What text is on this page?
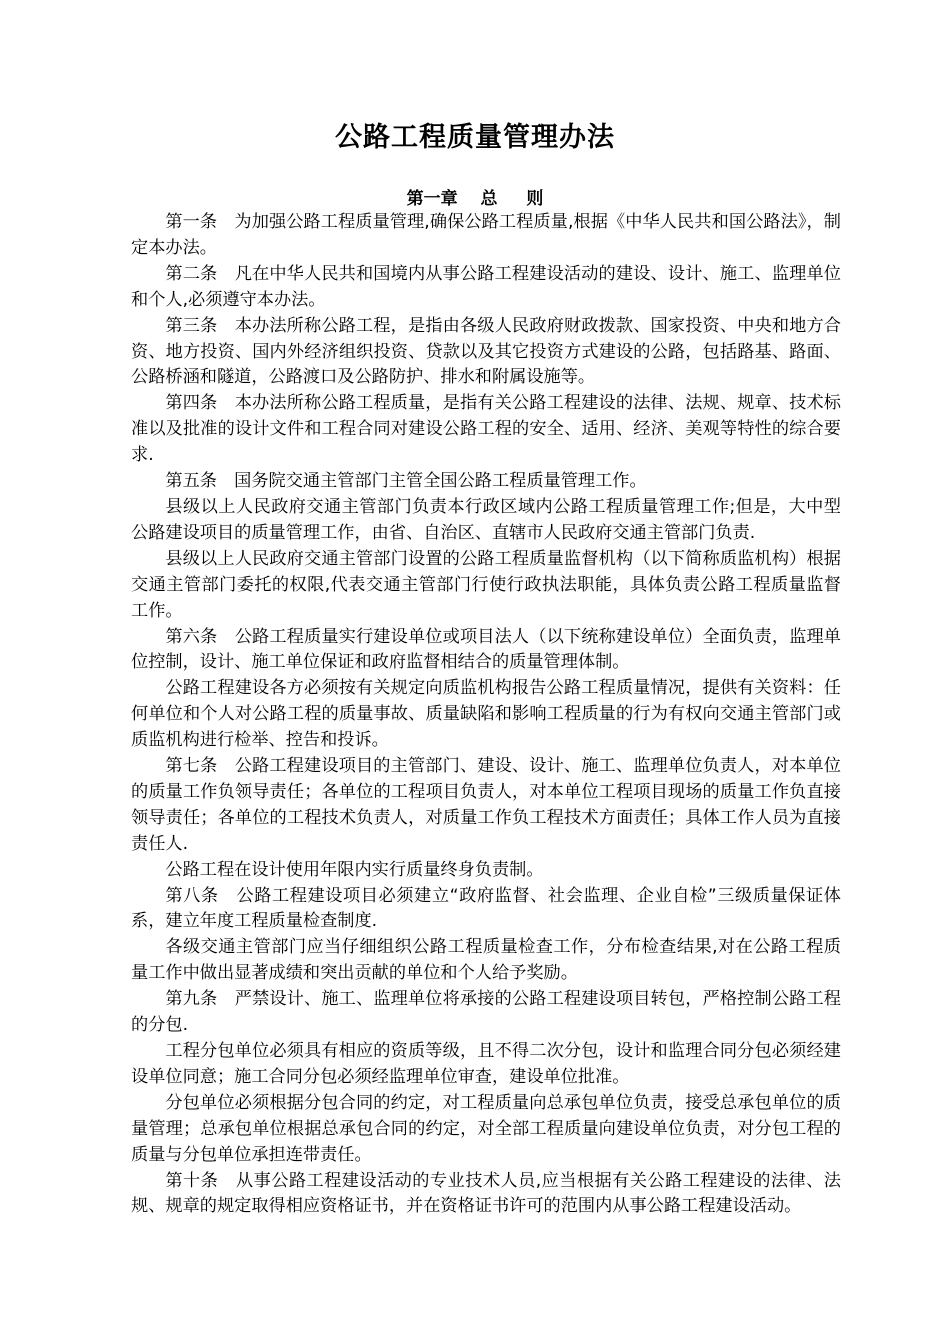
公路工程质量管理办法
第一章　 总 　 则

第一条　为加强公路工程质量管理,确保公路工程质量,根据《中华人民共和国公路法》，制定本办法。

第二条　凡在中华人民共和国境内从事公路工程建设活动的建设、设计、施工、监理单位和个人,必须遵守本办法。

第三条　本办法所称公路工程，是指由各级人民政府财政拨款、国家投资、中央和地方合资、地方投资、国内外经济组织投资、贷款以及其它投资方式建设的公路，包括路基、路面、公路桥涵和隧道，公路渡口及公路防护、排水和附属设施等。

第四条　本办法所称公路工程质量，是指有关公路工程建设的法律、法规、规章、技术标准以及批准的设计文件和工程合同对建设公路工程的安全、适用、经济、美观等特性的综合要求.

第五条　国务院交通主管部门主管全国公路工程质量管理工作。

县级以上人民政府交通主管部门负责本行政区域内公路工程质量管理工作;但是，大中型公路建设项目的质量管理工作，由省、自治区、直辖市人民政府交通主管部门负责.

县级以上人民政府交通主管部门设置的公路工程质量监督机构（以下简称质监机构）根据交通主管部门委托的权限,代表交通主管部门行使行政执法职能，具体负责公路工程质量监督工作。

第六条　公路工程质量实行建设单位或项目法人（以下统称建设单位）全面负责，监理单位控制，设计、施工单位保证和政府监督相结合的质量管理体制。

公路工程建设各方必须按有关规定向质监机构报告公路工程质量情况，提供有关资料：任何单位和个人对公路工程的质量事故、质量缺陷和影响工程质量的行为有权向交通主管部门或质监机构进行检举、控告和投诉。

第七条　公路工程建设项目的主管部门、建设、设计、施工、监理单位负责人，对本单位的质量工作负领导责任；各单位的工程项目负责人，对本单位工程项目现场的质量工作负直接领导责任；各单位的工程技术负责人，对质量工作负工程技术方面责任；具体工作人员为直接责任人.

公路工程在设计使用年限内实行质量终身负责制。

第八条　公路工程建设项目必须建立“政府监督、社会监理、企业自检”三级质量保证体系，建立年度工程质量检查制度.

各级交通主管部门应当仔细组织公路工程质量检查工作，分布检查结果,对在公路工程质量工作中做出显著成绩和突出贡献的单位和个人给予奖励。

第九条　严禁设计、施工、监理单位将承接的公路工程建设项目转包，严格控制公路工程的分包.

工程分包单位必须具有相应的资质等级，且不得二次分包，设计和监理合同分包必须经建设单位同意；施工合同分包必须经监理单位审查，建设单位批准。

分包单位必须根据分包合同的约定，对工程质量向总承包单位负责，接受总承包单位的质量管理；总承包单位根据总承包合同的约定，对全部工程质量向建设单位负责，对分包工程的质量与分包单位承担连带责任。

第十条　从事公路工程建设活动的专业技术人员,应当根据有关公路工程建设的法律、法规、规章的规定取得相应资格证书，并在资格证书许可的范围内从事公路工程建设活动。
